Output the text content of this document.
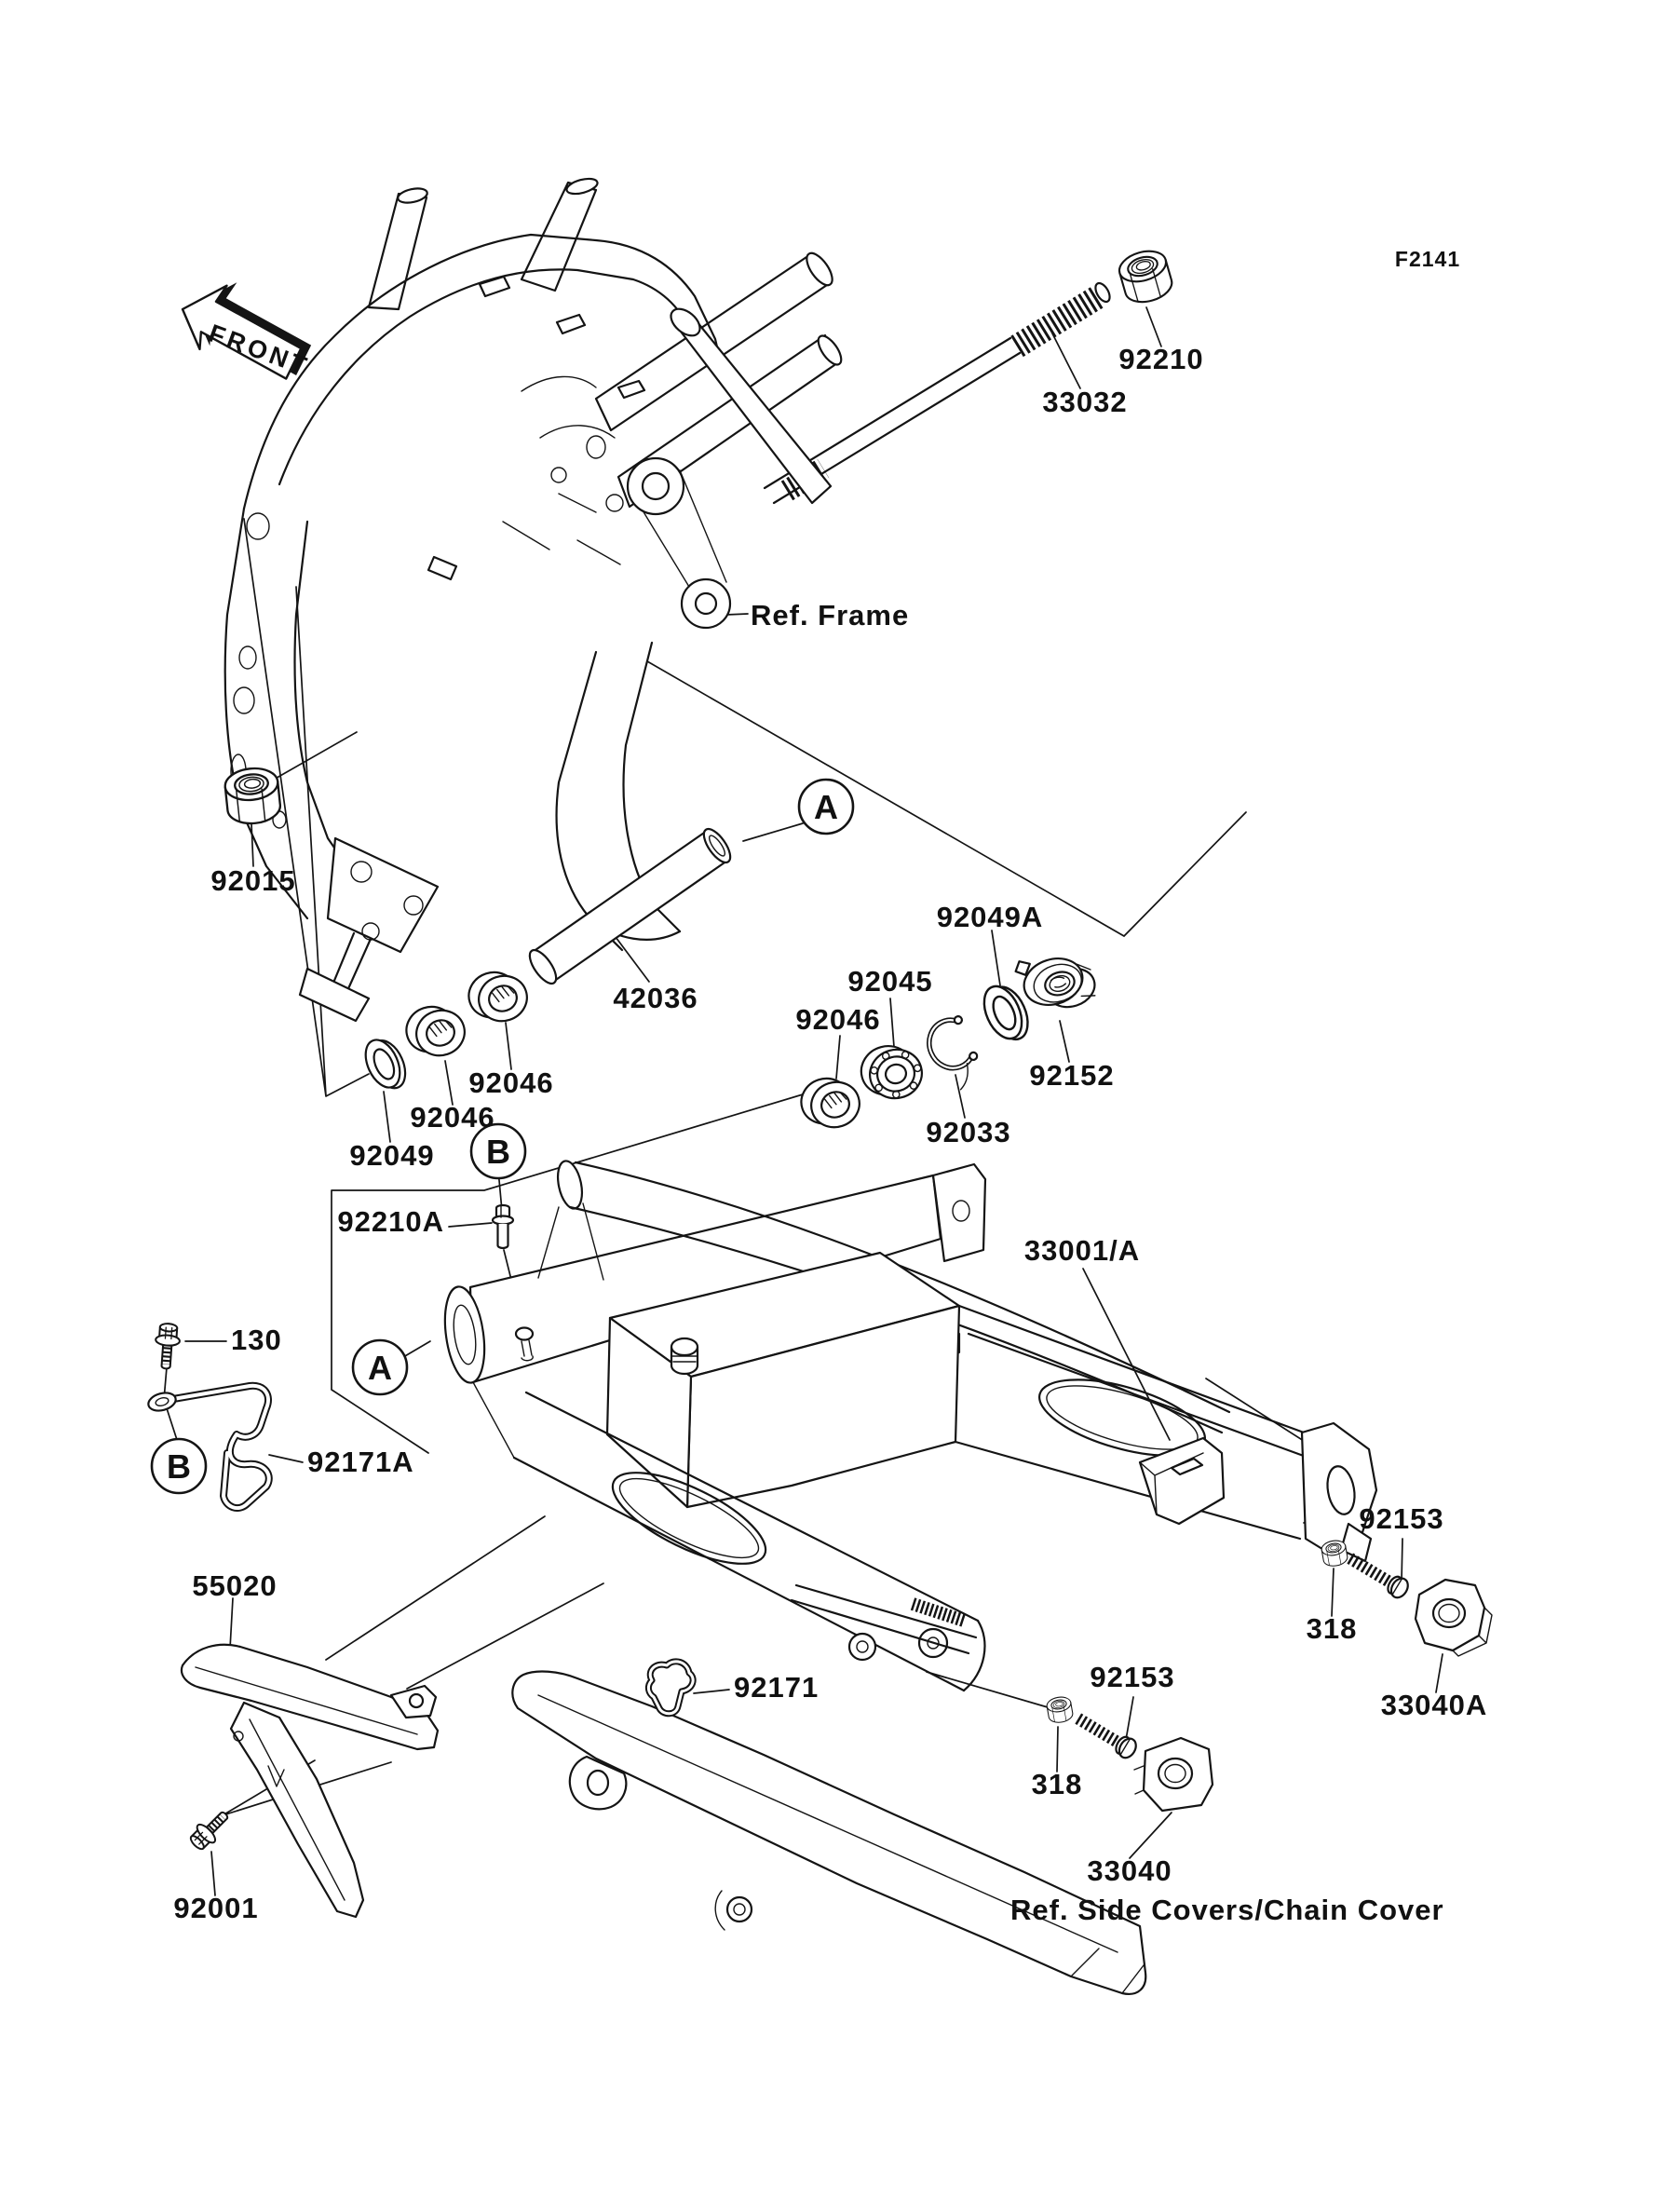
FRONT
A
A
B
B
92210
33032
Ref. Frame
92015
42036
92049A
92045
92046
92046
92046
92049
92152
92033
92210A
33001/A
130
92171A
55020
92153
318
33040A
92153
318
33040
92171
92001	Ref. Side Covers/Chain Cover
F2141
